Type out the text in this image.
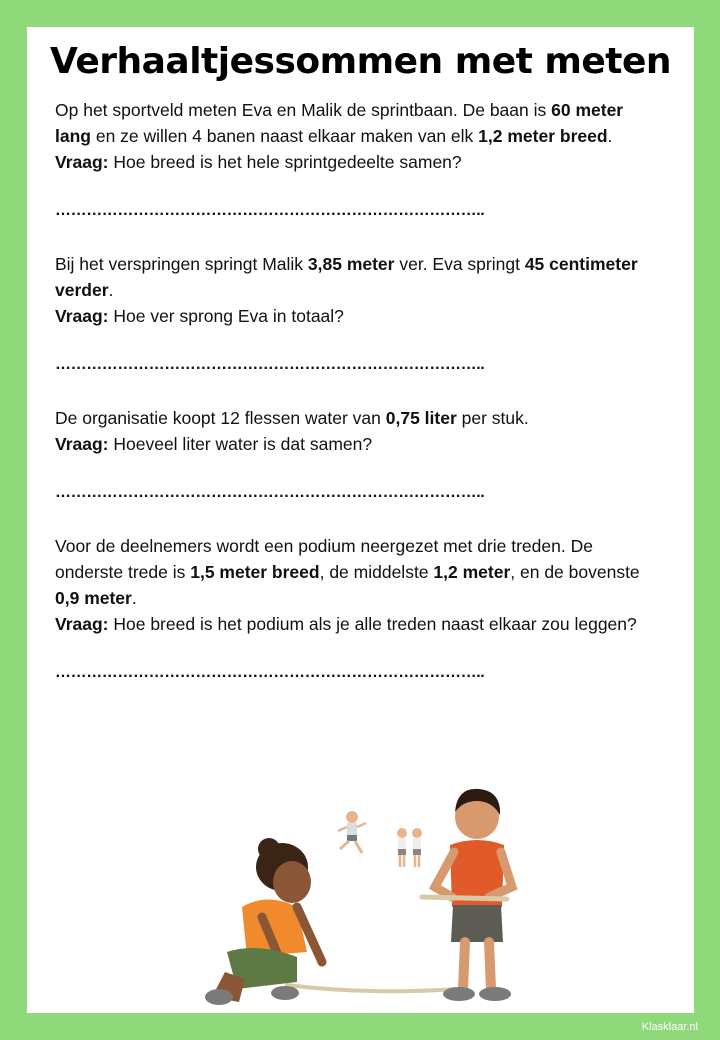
Verhaaltjessommen met meten

Op het sportveld meten Eva en Malik de sprintbaan. De baan is 60 meter lang en ze willen 4 banen naast elkaar maken van elk 1,2 meter breed.

Vraag: Hoe breed is het hele sprintgedeelte samen?

………………………………………………………………………..

Bij het verspringen springt Malik 3,85 meter ver. Eva springt 45 centimeter verder.

Vraag: Hoe ver sprong Eva in totaal?

………………………………………………………………………..

De organisatie koopt 12 flessen water van 0,75 liter per stuk.

Vraag: Hoeveel liter water is dat samen?

………………………………………………………………………..

Voor de deelnemers wordt een podium neergezet met drie treden. De onderste trede is 1,5 meter breed, de middelste 1,2 meter, en de bovenste 0,9 meter.

Vraag: Hoe breed is het podium als je alle treden naast elkaar zou leggen?

………………………………………………………………………..
Klasklaar.nl
